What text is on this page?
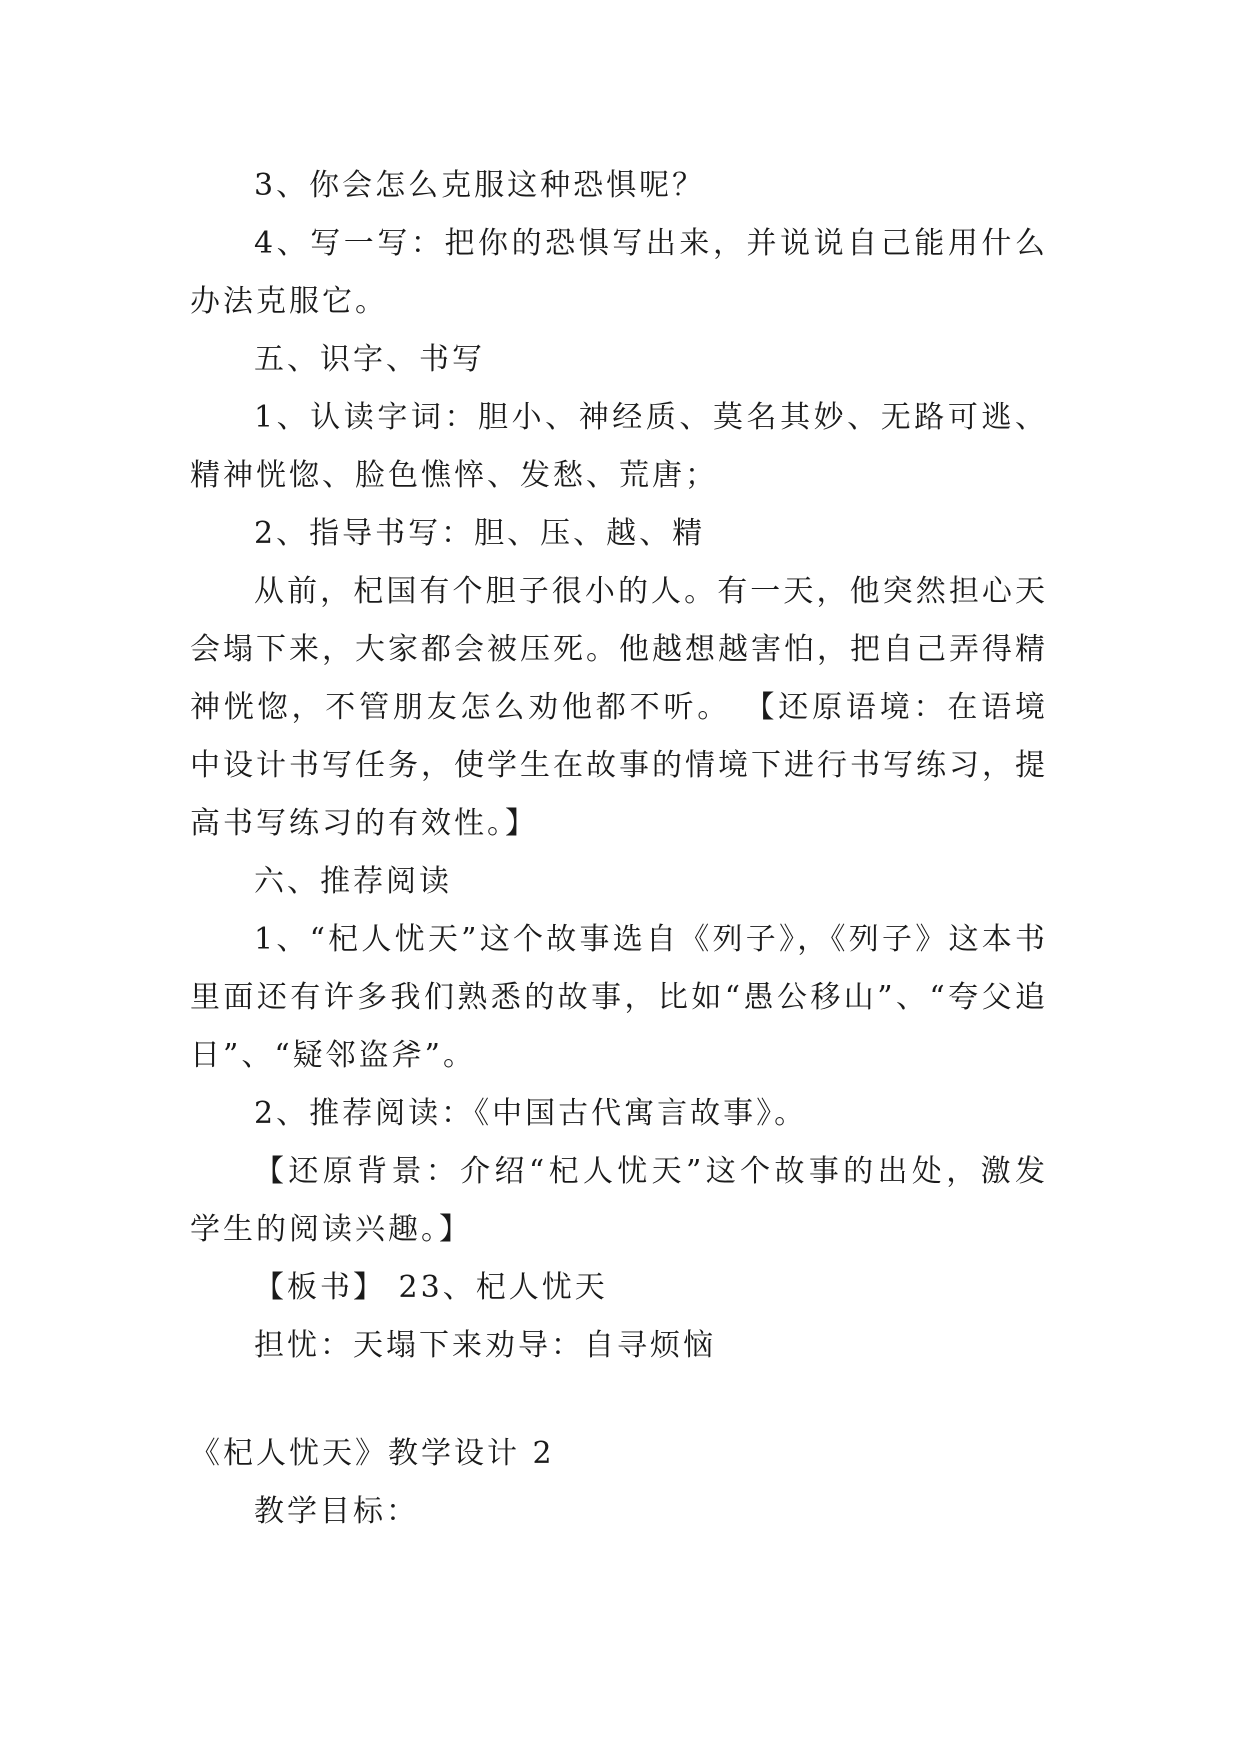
3、你会怎么克服这种恐惧呢？

4、写一写：把你的恐惧写出来，并说说自己能用什么办法克服它。

五、识字、书写

1、认读字词：胆小、神经质、莫名其妙、无路可逃、精神恍惚、脸色憔悴、发愁、荒唐；

2、指导书写：胆、压、越、精

从前，杞国有个胆子很小的人。有一天，他突然担心天会塌下来，大家都会被压死。他越想越害怕，把自己弄得精神恍惚，不管朋友怎么劝他都不听。 【还原语境：在语境中设计书写任务，使学生在故事的情境下进行书写练习，提高书写练习的有效性。】

六、推荐阅读

1、“杞人忧天”这个故事选自《列子》，《列子》这本书里面还有许多我们熟悉的故事，比如“愚公移山”、“夸父追日”、“疑邻盗斧”。

2、推荐阅读：《中国古代寓言故事》。

【还原背景：介绍“杞人忧天”这个故事的出处，激发学生的阅读兴趣。】

【板书】 23、杞人忧天

担忧：天塌下来劝导：自寻烦恼

《杞人忧天》教学设计 2
教学目标：
